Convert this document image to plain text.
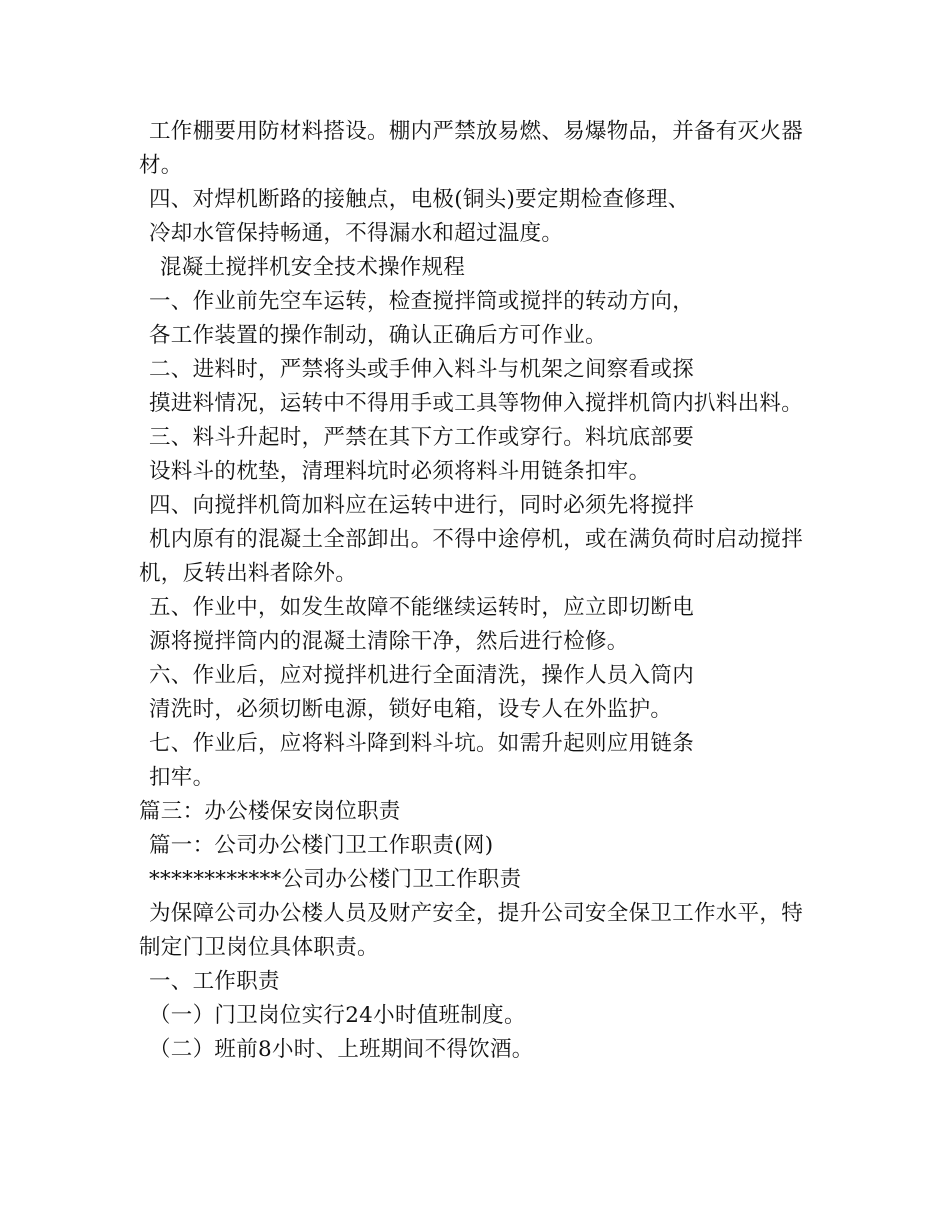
工作棚要用防材料搭设。棚内严禁放易燃、易爆物品，并备有灭火器
材。
四、对焊机断路的接触点，电极(铜头)要定期检查修理、
冷却水管保持畅通，不得漏水和超过温度。
混凝土搅拌机安全技术操作规程
一、作业前先空车运转，检查搅拌筒或搅拌的转动方向，
各工作装置的操作制动，确认正确后方可作业。
二、进料时，严禁将头或手伸入料斗与机架之间察看或探
摸进料情况，运转中不得用手或工具等物伸入搅拌机筒内扒料出料。
三、料斗升起时，严禁在其下方工作或穿行。料坑底部要
设料斗的枕垫，清理料坑时必须将料斗用链条扣牢。
四、向搅拌机筒加料应在运转中进行，同时必须先将搅拌
机内原有的混凝土全部卸出。不得中途停机，或在满负荷时启动搅拌
机，反转出料者除外。
五、作业中，如发生故障不能继续运转时，应立即切断电
源将搅拌筒内的混凝土清除干净，然后进行检修。
六、作业后，应对搅拌机进行全面清洗，操作人员入筒内
清洗时，必须切断电源，锁好电箱，设专人在外监护。
七、作业后，应将料斗降到料斗坑。如需升起则应用链条
扣牢。
篇三：办公楼保安岗位职责
篇一：公司办公楼门卫工作职责(网)
************公司办公楼门卫工作职责
为保障公司办公楼人员及财产安全，提升公司安全保卫工作水平，特
制定门卫岗位具体职责。
一、工作职责
（一）门卫岗位实行24小时值班制度。
（二）班前8小时、上班期间不得饮酒。
